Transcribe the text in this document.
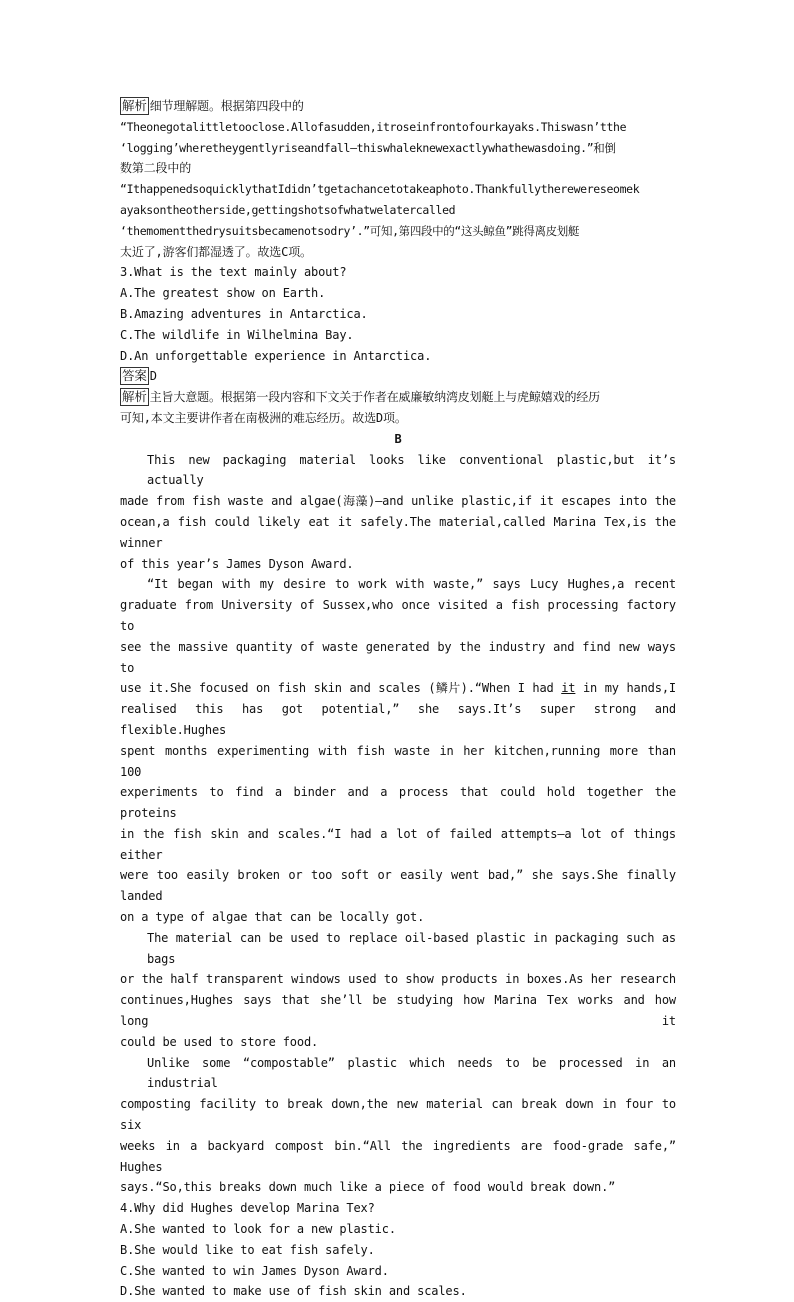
解析 细节理解题。根据第四段中的
“Theonegotalittletooclose.Allofasudden,itroseinfrontofourkayaks.Thiswasn’tthe
‘logging’wheretheygentlyriseandfall—thiswhaleknewexactlywhathewasdoing.”和倒
数第二段中的
“IthappenedsoquicklythatIdidn’tgetachancetotakeaphoto.Thankfullytherewereseomek
ayaksontheotherside,gettingshotsofwhatwelatercalled
‘themomentthedrysuitsbecamenotsodry’.”可知,第四段中的“这头鲸鱼”跳得离皮划艇
太近了,游客们都湿透了。故选C项。
3.What is the text mainly about?
A.The greatest show on Earth.
B.Amazing adventures in Antarctica.
C.The wildlife in Wilhelmina Bay.
D.An unforgettable experience in Antarctica.
答案 D
解析 主旨大意题。根据第一段内容和下文关于作者在威廉敏纳湾皮划艇上与虎鲸嬉戏的经历
可知,本文主要讲作者在南极洲的难忘经历。故选D项。
B
This new packaging material looks like conventional plastic,but it’s actually
made from fish waste and algae(海藻)—and unlike plastic,if it escapes into the
ocean,a fish could likely eat it safely.The material,called Marina Tex,is the winner
of this year’s James Dyson Award.
“It began with my desire to work with waste,” says Lucy Hughes,a recent
graduate from University of Sussex,who once visited a fish processing factory to
see the massive quantity of waste generated by the industry and find new ways to
use it.She focused on fish skin and scales (鳞片).“When I had it in my hands,I
realised this has got potential,” she says.It’s super strong and flexible.Hughes
spent months experimenting with fish waste in her kitchen,running more than 100
experiments to find a binder and a process that could hold together the proteins
in the fish skin and scales.“I had a lot of failed attempts—a lot of things either
were too easily broken or too soft or easily went bad,” she says.She finally landed
on a type of algae that can be locally got.
The material can be used to replace oil-based plastic in packaging such as bags
or the half transparent windows used to show products in boxes.As her research
continues,Hughes says that she’ll be studying how Marina Tex works and how long it
could be used to store food.
Unlike some “compostable” plastic which needs to be processed in an industrial
composting facility to break down,the new material can break down in four to six
weeks in a backyard compost bin.“All the ingredients are food-grade safe,” Hughes
says.“So,this breaks down much like a piece of food would break down.”
4.Why did Hughes develop Marina Tex?
A.She wanted to look for a new plastic.
B.She would like to eat fish safely.
C.She wanted to win James Dyson Award.
D.She wanted to make use of fish skin and scales.
